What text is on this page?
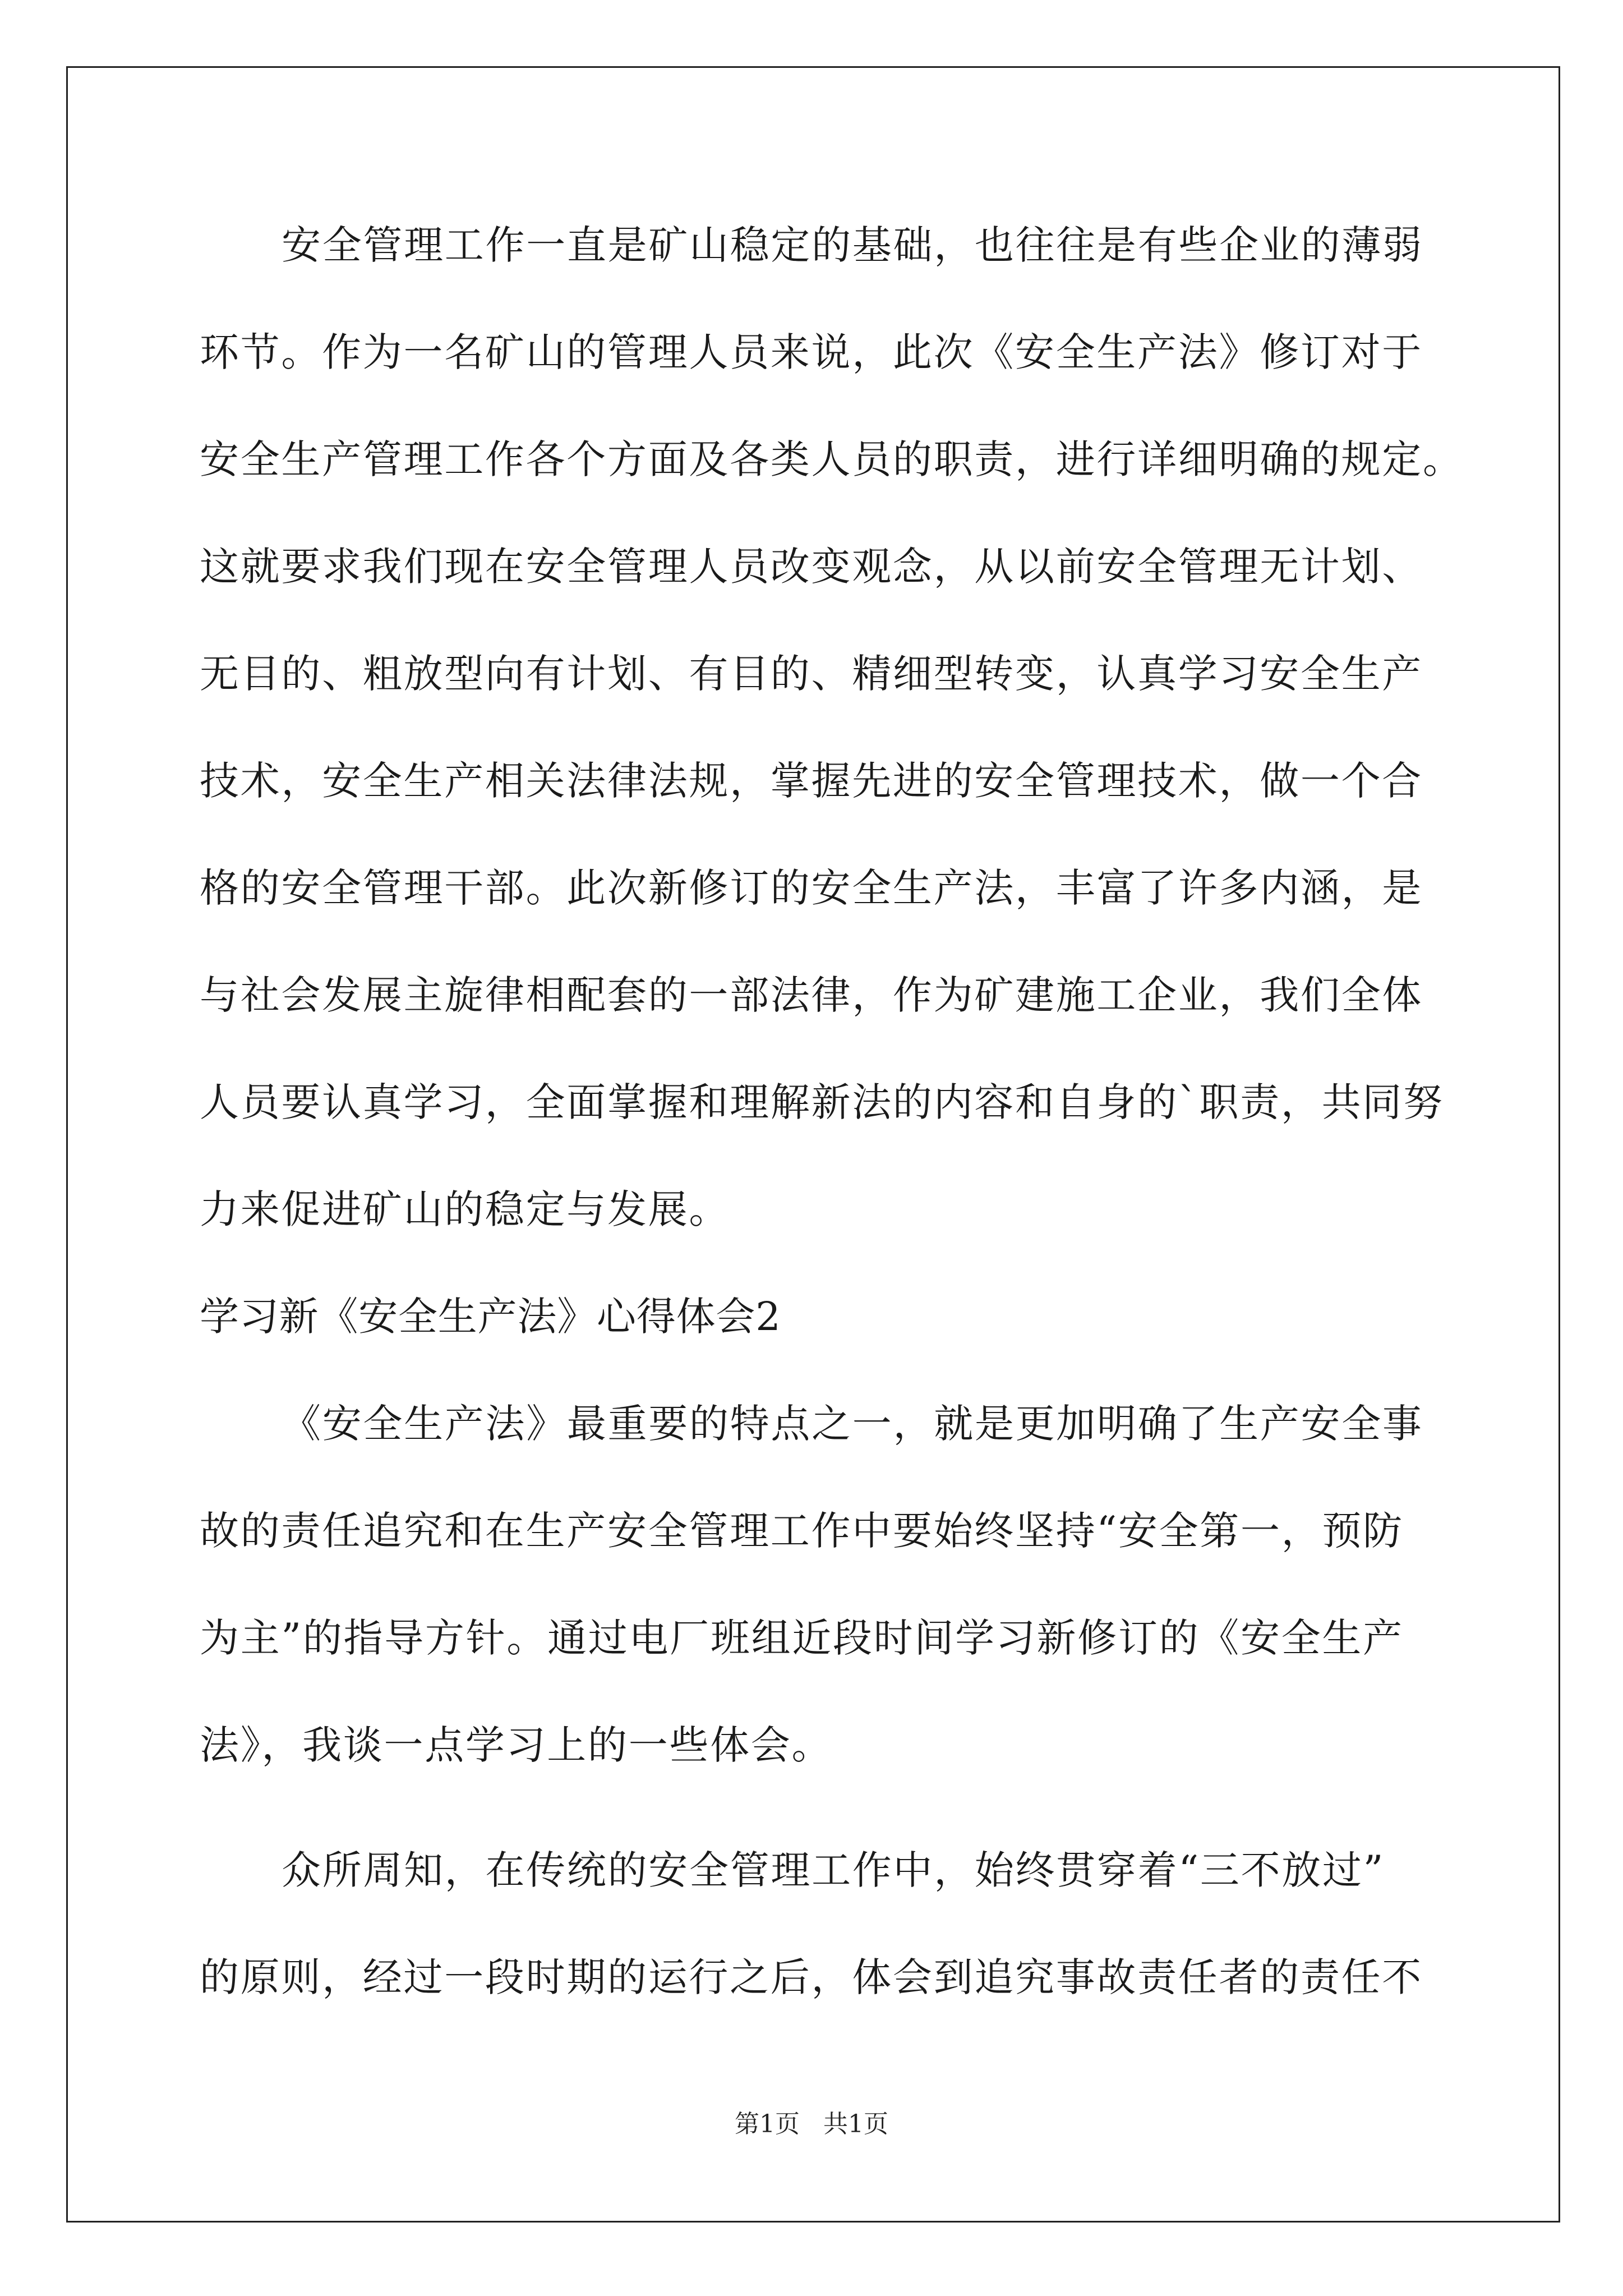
安全管理工作一直是矿山稳定的基础，也往往是有些企业的薄弱
环节。作为一名矿山的管理人员来说，此次《安全生产法》修订对于
安全生产管理工作各个方面及各类人员的职责，进行详细明确的规定。
这就要求我们现在安全管理人员改变观念，从以前安全管理无计划、
无目的、粗放型向有计划、有目的、精细型转变，认真学习安全生产
技术，安全生产相关法律法规，掌握先进的安全管理技术，做一个合
格的安全管理干部。此次新修订的安全生产法，丰富了许多内涵，是
与社会发展主旋律相配套的一部法律，作为矿建施工企业，我们全体
人员要认真学习，全面掌握和理解新法的内容和自身的`职责，共同努
力来促进矿山的稳定与发展。
学习新《安全生产法》心得体会2
《安全生产法》最重要的特点之一，就是更加明确了生产安全事
故的责任追究和在生产安全管理工作中要始终坚持“安全第一，预防
为主”的指导方针。通过电厂班组近段时间学习新修订的《安全生产
法》，我谈一点学习上的一些体会。
众所周知，在传统的安全管理工作中，始终贯穿着“三不放过”
的原则，经过一段时期的运行之后，体会到追究事故责任者的责任不
第1页   共1页
